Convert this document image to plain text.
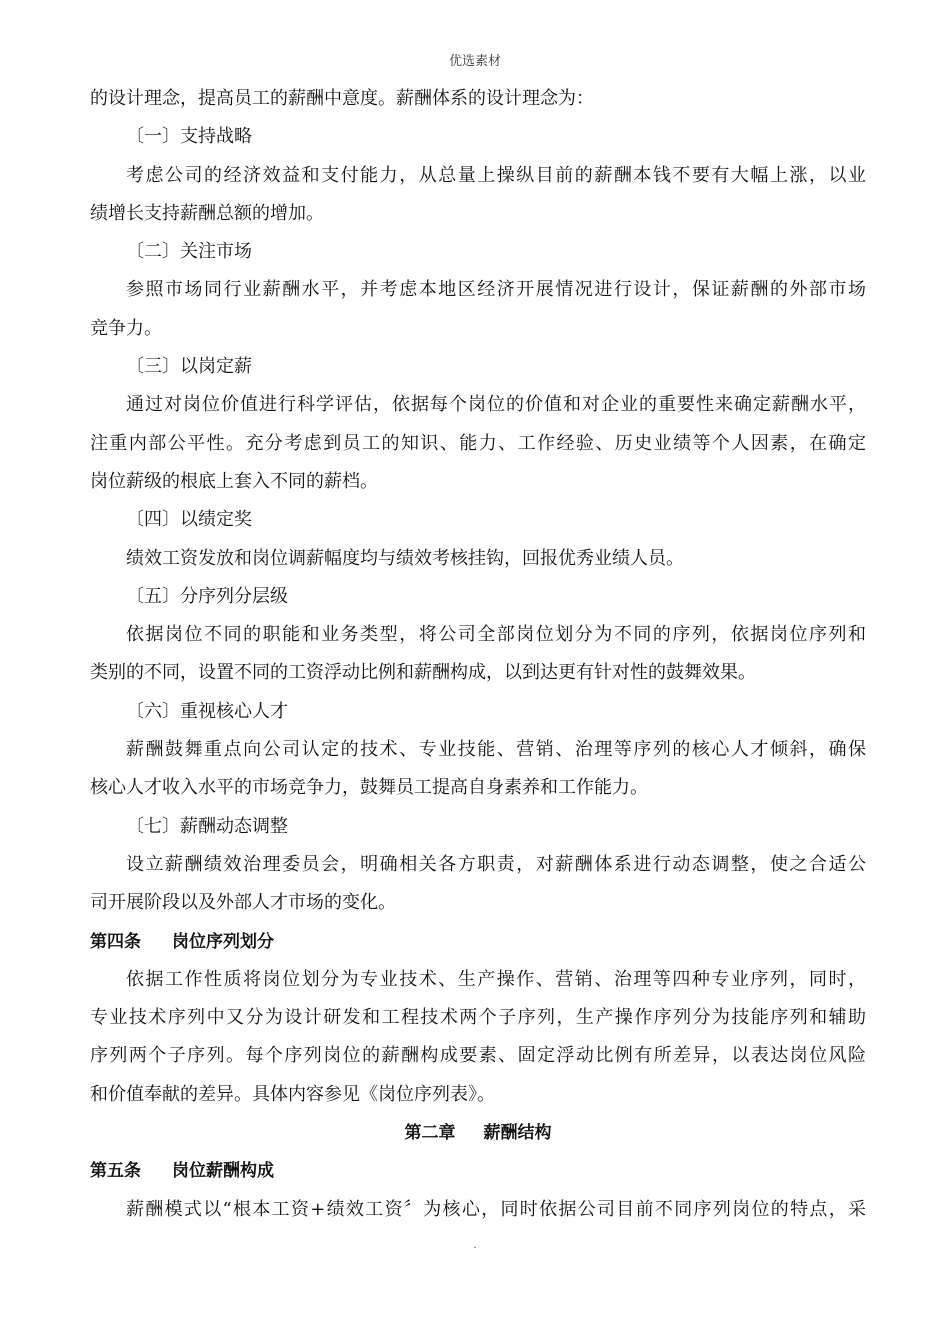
优选素材
的设计理念，提高员工的薪酬中意度。薪酬体系的设计理念为：
〔一〕支持战略
考虑公司的经济效益和支付能力，从总量上操纵目前的薪酬本钱不要有大幅上涨，以业
绩增长支持薪酬总额的增加。
〔二〕关注市场
参照市场同行业薪酬水平，并考虑本地区经济开展情况进行设计，保证薪酬的外部市场
竞争力。
〔三〕以岗定薪
通过对岗位价值进行科学评估，依据每个岗位的价值和对企业的重要性来确定薪酬水平，
注重内部公平性。充分考虑到员工的知识、能力、工作经验、历史业绩等个人因素，在确定
岗位薪级的根底上套入不同的薪档。
〔四〕以绩定奖
绩效工资发放和岗位调薪幅度均与绩效考核挂钩，回报优秀业绩人员。
〔五〕分序列分层级
依据岗位不同的职能和业务类型，将公司全部岗位划分为不同的序列，依据岗位序列和
类别的不同，设置不同的工资浮动比例和薪酬构成，以到达更有针对性的鼓舞效果。
〔六〕重视核心人才
薪酬鼓舞重点向公司认定的技术、专业技能、营销、治理等序列的核心人才倾斜，确保
核心人才收入水平的市场竞争力，鼓舞员工提高自身素养和工作能力。
〔七〕薪酬动态调整
设立薪酬绩效治理委员会，明确相关各方职责，对薪酬体系进行动态调整，使之合适公
司开展阶段以及外部人才市场的变化。
第四条 岗位序列划分
依据工作性质将岗位划分为专业技术、生产操作、营销、治理等四种专业序列，同时，
专业技术序列中又分为设计研发和工程技术两个子序列，生产操作序列分为技能序列和辅助
序列两个子序列。每个序列岗位的薪酬构成要素、固定浮动比例有所差异，以表达岗位风险
和价值奉献的差异。具体内容参见《岗位序列表》。
第二章 薪酬结构
第五条 岗位薪酬构成
薪酬模式以“根本工资+绩效工资〞为核心，同时依据公司目前不同序列岗位的特点，采
.
